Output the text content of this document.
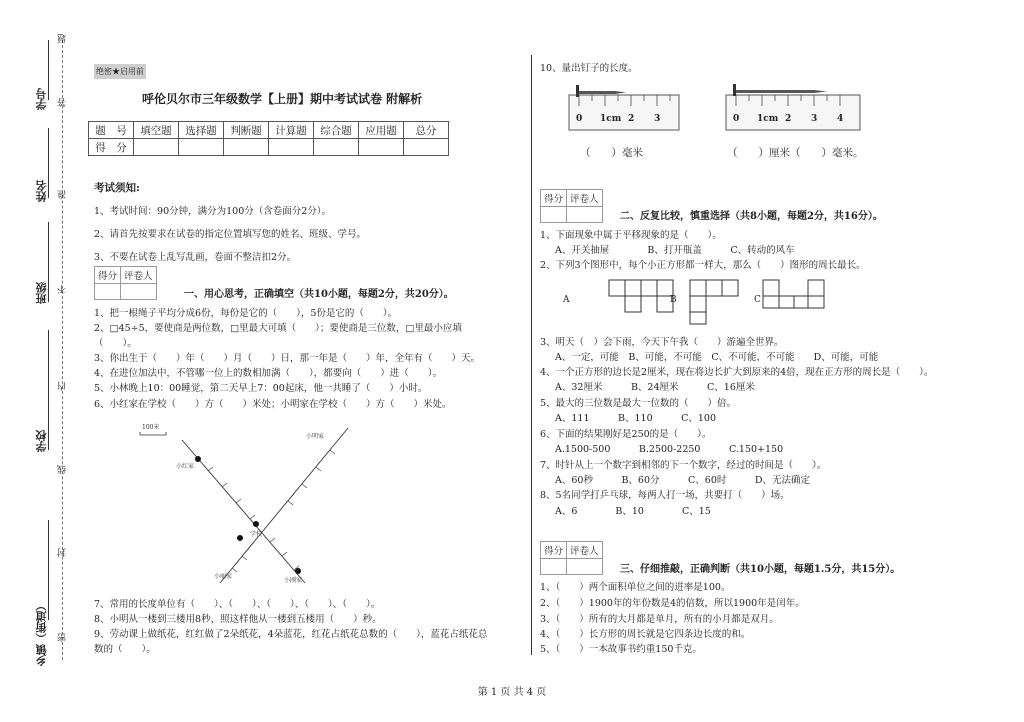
学号
姓名
班级
学校
乡镇（街道）
题
答
准
不
内
线
封
密
绝密★启用前
呼伦贝尔市三年级数学【上册】期中考试试卷 附解析
题　号	填空题	选择题	判断题	计算题	综合题	应用题	总分
得　分							
考试须知:
1、考试时间：90分钟，满分为100分（含卷面分2分）。
2、请首先按要求在试卷的指定位置填写您的姓名、班级、学号。
3、不要在试卷上乱写乱画，卷面不整洁扣2分。
得分	评卷人

一、用心思考，正确填空（共10小题，每题2分，共20分）。
1、把一根绳子平均分成6份，每份是它的（　　），5份是它的（　　）。
2、□45÷5，要使商是两位数，□里最大可填（　　）；要使商是三位数，□里最小应填
（　　）。
3、你出生于（　　）年（　　）月（　　）日，那一年是（　　）年，全年有（　　）天。
4、在进位加法中，不管哪一位上的数相加满（　　），都要向（　　）进（　　）。
5、小林晚上10：00睡觉，第二天早上7：00起床，他一共睡了（　　）小时。
6、小红家在学校（　　）方（　　）米处；小明家在学校（　　）方（　　）米处。
100米
小明家
小红家
学校
小丽家
小刚家
7、常用的长度单位有（　　）、（　　）、（　　）、（　　）、（　　）。
8、小明从一楼到三楼用8秒，照这样他从一楼到五楼用（　　）秒。
9、劳动课上做纸花，红红做了2朵纸花，4朵蓝花，红花占纸花总数的（　　），蓝花占纸花总
数的（　　）。
10、量出钉子的长度。
0 1cm 2 3	0 1cm 2 3 4
（　　）毫米	（　　）厘米（　　）毫米。
得分	评卷人

二、反复比较，慎重选择（共8小题，每题2分，共16分）。
1、下面现象中属于平移现象的是（　　）。
A、开关抽屉　　　　B、打开瓶盖　　　C、转动的风车
2、下列3个图形中，每个小正方形都一样大，那么（　　）图形的周长最长。
A	B	C
3、明天（　）会下雨，今天下午我（　　）游遍全世界。
A、一定，可能　B、可能，不可能　C、不可能，不可能　　D、可能，可能
4、一个正方形的边长是2厘米，现在将边长扩大到原来的4倍，现在正方形的周长是（　　）。
A、32厘米　　　B、24厘米　　　C、16厘米
5、最大的三位数是最大一位数的（　　）倍。
A、111　　　B、110　　　C、100
6、下面的结果刚好是250的是（　　）。
A.1500-500　　　B.2500-2250　　　C.150+150
7、时针从上一个数字到相邻的下一个数字，经过的时间是（　　）。
A、60秒　　　B、60分　　　C、60时　　　D、无法确定
8、5名同学打乒乓球，每两人打一场，共要打（　　）场。
A、6　　　　B、10　　　　C、15
得分	评卷人

三、仔细推敲，正确判断（共10小题，每题1.5分，共15分）。
1、（　　）两个面积单位之间的进率是100。
2、（　　）1900年的年份数是4的倍数，所以1900年是闰年。
3、（　　）所有的大月都是单月，所有的小月都是双月。
4、（　　）长方形的周长就是它四条边长度的和。
5、（　　）一本故事书约重150千克。
第 1 页 共 4 页
